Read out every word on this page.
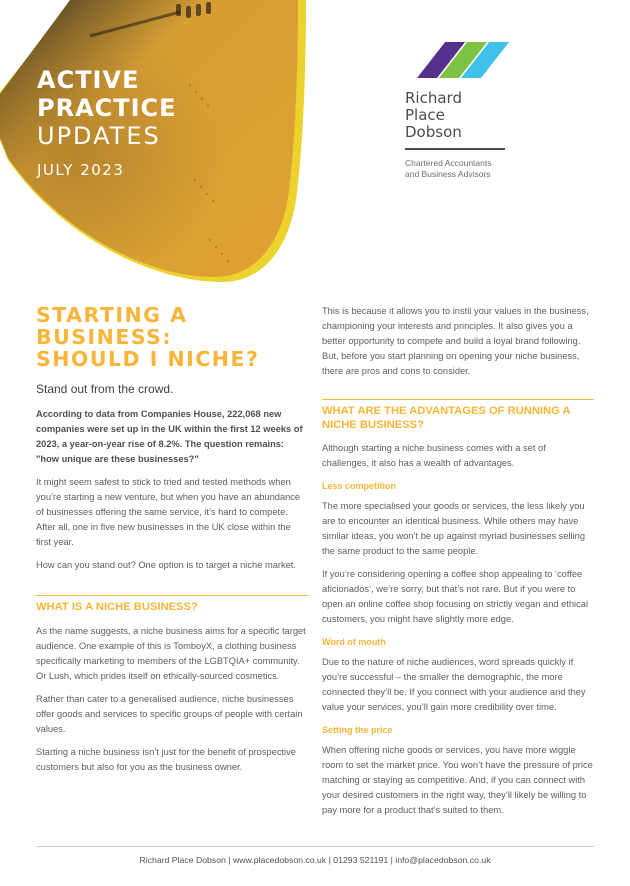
ACTIVE
PRACTICE
UPDATES
JULY 2023
Richard
Place
Dobson
Chartered Accountants
and Business Advisors
STARTING A
BUSINESS:
SHOULD I NICHE?
Stand out from the crowd.

According to data from Companies House, 222,068 new companies were set up in the UK within the first 12 weeks of 2023, a year-on-year rise of 8.2%. The question remains: "how unique are these businesses?"

It might seem safest to stick to tried and tested methods when you’re starting a new venture, but when you have an abundance of businesses offering the same service, it’s hard to compete. After all, one in five new businesses in the UK close within the first year.

How can you stand out? One option is to target a niche market.

WHAT IS A NICHE BUSINESS?

As the name suggests, a niche business aims for a specific target audience. One example of this is TomboyX, a clothing business specifically marketing to members of the LGBTQIA+ community. Or Lush, which prides itself on ethically-sourced cosmetics.

Rather than cater to a generalised audience, niche businesses offer goods and services to specific groups of people with certain values.

Starting a niche business isn’t just for the benefit of prospective customers but also for you as the business owner.

This is because it allows you to instil your values in the business, championing your interests and principles. It also gives you a better opportunity to compete and build a loyal brand following. But, before you start planning on opening your niche business, there are pros and cons to consider.

WHAT ARE THE ADVANTAGES OF RUNNING A NICHE BUSINESS?

Although starting a niche business comes with a set of challenges, it also has a wealth of advantages.

Less competition

The more specialised your goods or services, the less likely you are to encounter an identical business. While others may have similar ideas, you won’t be up against myriad businesses selling the same product to the same people.

If you’re considering opening a coffee shop appealing to ‘coffee aficionados’, we’re sorry, but that’s not rare. But if you were to open an online coffee shop focusing on strictly vegan and ethical customers, you might have slightly more edge.

Word of mouth

Due to the nature of niche audiences, word spreads quickly if you’re successful – the smaller the demographic, the more connected they’ll be. If you connect with your audience and they value your services, you’ll gain more credibility over time.

Setting the price

When offering niche goods or services, you have more wiggle room to set the market price. You won’t have the pressure of price matching or staying as competitive. And, if you can connect with your desired customers in the right way, they’ll likely be willing to pay more for a product that’s suited to them.

Richard Place Dobson | www.placedobson.co.uk | 01293 521191 | info@placedobson.co.uk
